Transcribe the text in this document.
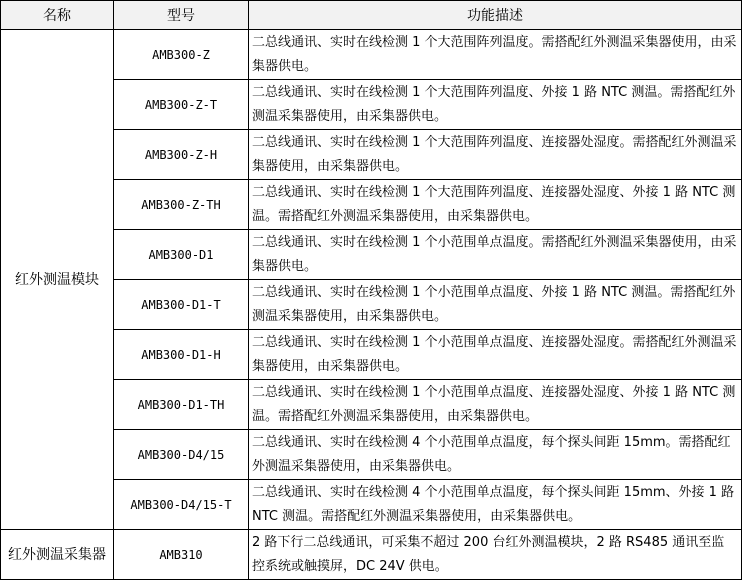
名称	型号	功能描述
红外测温模块	AMB300-Z	二总线通讯、实时在线检测 1 个大范围阵列温度。需搭配红外测温采集器使用，由采集器供电。
	AMB300-Z-T	二总线通讯、实时在线检测 1 个大范围阵列温度、外接 1 路 NTC 测温。需搭配红外测温采集器使用，由采集器供电。
	AMB300-Z-H	二总线通讯、实时在线检测 1 个大范围阵列温度、连接器处湿度。需搭配红外测温采集器使用，由采集器供电。
	AMB300-Z-TH	二总线通讯、实时在线检测 1 个大范围阵列温度、连接器处湿度、外接 1 路 NTC 测温。需搭配红外测温采集器使用，由采集器供电。
	AMB300-D1	二总线通讯、实时在线检测 1 个小范围单点温度。需搭配红外测温采集器使用，由采集器供电。
	AMB300-D1-T	二总线通讯、实时在线检测 1 个小范围单点温度、外接 1 路 NTC 测温。需搭配红外测温采集器使用，由采集器供电。
	AMB300-D1-H	二总线通讯、实时在线检测 1 个小范围单点温度、连接器处湿度。需搭配红外测温采集器使用，由采集器供电。
	AMB300-D1-TH	二总线通讯、实时在线检测 1 个小范围单点温度、连接器处湿度、外接 1 路 NTC 测温。需搭配红外测温采集器使用，由采集器供电。
	AMB300-D4/15	二总线通讯、实时在线检测 4 个小范围单点温度，每个探头间距 15mm。需搭配红外测温采集器使用，由采集器供电。
	AMB300-D4/15-T	二总线通讯、实时在线检测 4 个小范围单点温度，每个探头间距 15mm、外接 1 路 NTC 测温。需搭配红外测温采集器使用，由采集器供电。
红外测温采集器	AMB310	2 路下行二总线通讯，可采集不超过 200 台红外测温模块，2 路 RS485 通讯至监控系统或触摸屏，DC 24V 供电。
